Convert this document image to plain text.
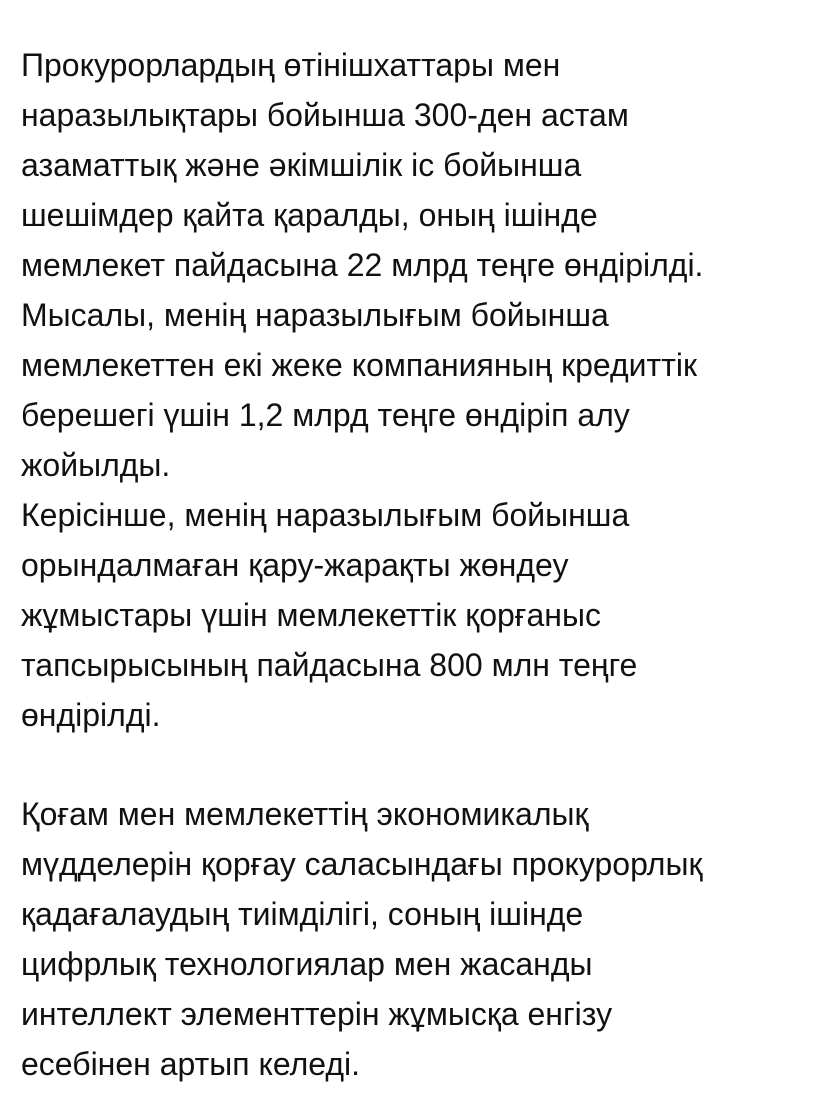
Прокурорлардың өтінішхаттары мен
наразылықтары бойынша 300-ден астам
азаматтық және әкімшілік іс бойынша
шешімдер қайта қаралды, оның ішінде
мемлекет пайдасына 22 млрд теңге өндірілді.
Мысалы, менің наразылығым бойынша
мемлекеттен екі жеке компанияның кредиттік
берешегі үшін 1,2 млрд теңге өндіріп алу
жойылды.
Керісінше, менің наразылығым бойынша
орындалмаған қару-жарақты жөндеу
жұмыстары үшін мемлекеттік қорғаныс
тапсырысының пайдасына 800 млн теңге
өндірілді.
Қоғам мен мемлекеттің экономикалық
мүдделерін қорғау саласындағы прокурорлық
қадағалаудың тиімділігі, соның ішінде
цифрлық технологиялар мен жасанды
интеллект элементтерін жұмысқа енгізу
есебінен артып келеді.
